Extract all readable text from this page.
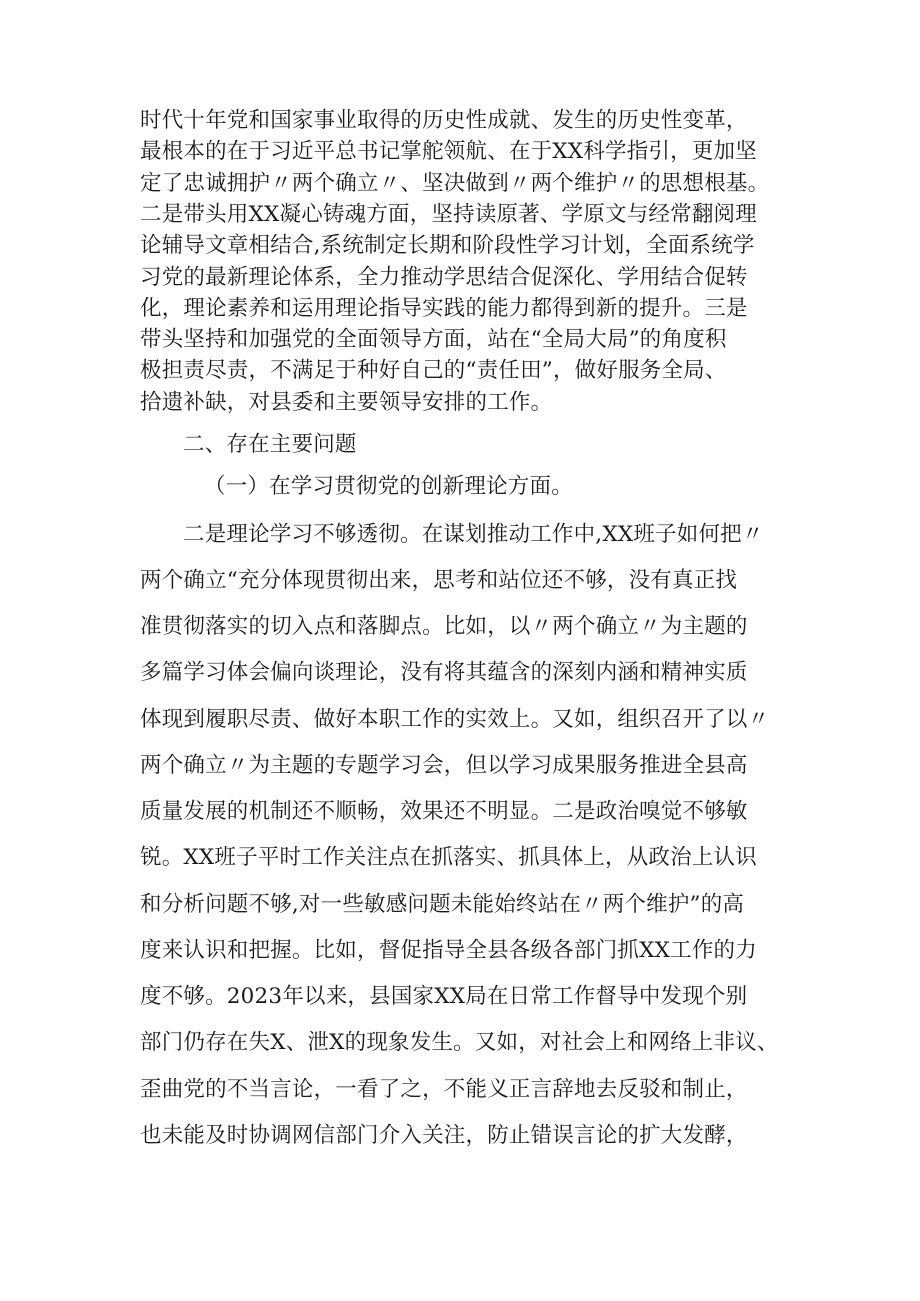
时代十年党和国家事业取得的历史性成就、发生的历史性变革，

最根本的在于习近平总书记掌舵领航、在于XX科学指引，更加坚

定了忠诚拥护〃两个确立〃、坚决做到〃两个维护〃的思想根基。

二是带头用XX凝心铸魂方面，坚持读原著、学原文与经常翻阅理

论辅导文章相结合,系统制定长期和阶段性学习计划，全面系统学

习党的最新理论体系，全力推动学思结合促深化、学用结合促转

化，理论素养和运用理论指导实践的能力都得到新的提升。三是

带头坚持和加强党的全面领导方面，站在“全局大局”的角度积

极担责尽责，不满足于种好自己的“责任田”，做好服务全局、

拾遗补缺，对县委和主要领导安排的工作。

二、存在主要问题

（一）在学习贯彻党的创新理论方面。

二是理论学习不够透彻。在谋划推动工作中,XX班子如何把〃

两个确立“充分体现贯彻出来，思考和站位还不够，没有真正找

准贯彻落实的切入点和落脚点。比如，以〃两个确立〃为主题的

多篇学习体会偏向谈理论，没有将其蕴含的深刻内涵和精神实质

体现到履职尽责、做好本职工作的实效上。又如，组织召开了以〃

两个确立〃为主题的专题学习会，但以学习成果服务推进全县高

质量发展的机制还不顺畅，效果还不明显。二是政治嗅觉不够敏

锐。XX班子平时工作关注点在抓落实、抓具体上，从政治上认识

和分析问题不够,对一些敏感问题未能始终站在〃两个维护”的高

度来认识和把握。比如，督促指导全县各级各部门抓XX工作的力

度不够。2023年以来，县国家XX局在日常工作督导中发现个别

部门仍存在失X、泄X的现象发生。又如，对社会上和网络上非议、

歪曲党的不当言论，一看了之，不能义正言辞地去反驳和制止，

也未能及时协调网信部门介入关注，防止错误言论的扩大发酵，
